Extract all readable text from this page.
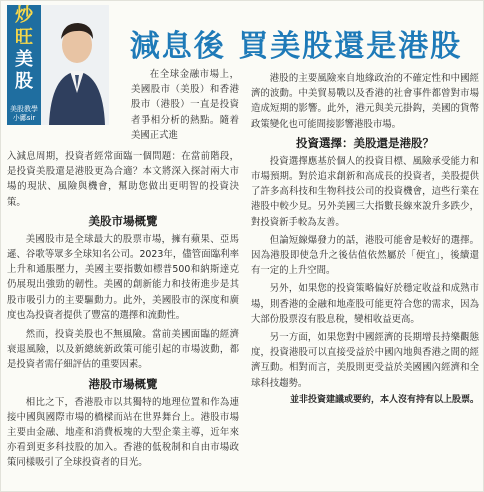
炒
旺
美
股
美股教學小鄺sir
減息後 買美股還是港股

在全球金融市場上，美國股市（美股）和香港股市（港股）一直是投資者爭相分析的熱點。隨着美國正式進

入減息周期，投資者經常面臨一個問題：在當前階段，是投資美股還是港股更為合適？本文將深入探討兩大市場的現狀、風險與機會，幫助您做出更明智的投資決策。

美股市場概覽

美國股市是全球最大的股票市場，擁有蘋果、亞馬遜、谷歌等眾多全球知名公司。2023年，儘管面臨利率上升和通脹壓力，美國主要指數如標普500和納斯達克仍展現出強勁的韌性。美國的創新能力和技術進步是其股市吸引力的主要驅動力。此外，美國股市的深度和廣度也為投資者提供了豐富的選擇和流動性。

然而，投資美股也不無風險。當前美國面臨的經濟衰退風險，以及新總統新政策可能引起的市場波動，都是投資者需仔細評估的重要因素。

港股市場概覽

相比之下，香港股市以其獨特的地理位置和作為連接中國與國際市場的橋樑而站在世界舞台上。港股市場主要由金融、地產和消費板塊的大型企業主導，近年來亦看到更多科技股的加入。香港的低稅制和自由市場政策同樣吸引了全球投資者的目光。

港股的主要風險來自地緣政治的不確定性和中國經濟的波動。中美貿易戰以及香港的社會事件都曾對市場造成短期的影響。此外，港元與美元掛鈎，美國的貨幣政策變化也可能間接影響港股市場。

投資選擇：美股還是港股？

投資選擇應基於個人的投資目標、風險承受能力和市場預期。對於追求創新和高成長的投資者，美股提供了許多高科技和生物科技公司的投資機會，這些行業在港股中較少見。另外美國三大指數長線來說升多跌少，對投資新手較為友善。

但論短線爆發力的話，港股可能會是較好的選擇。因為港股即使急升之後估值依然屬於「便宜」，後續還有一定的上升空間。

另外，如果您的投資策略偏好於穩定收益和成熟市場，則香港的金融和地產股可能更符合您的需求，因為大部份股票沒有股息稅，變相收益更高。

另一方面，如果您對中國經濟的長期增長持樂觀態度，投資港股可以直接受益於中國內地與香港之間的經濟互動。相對而言，美股則更受益於美國國內經濟和全球科技趨勢。

並非投資建議或要約，本人沒有持有以上股票。
